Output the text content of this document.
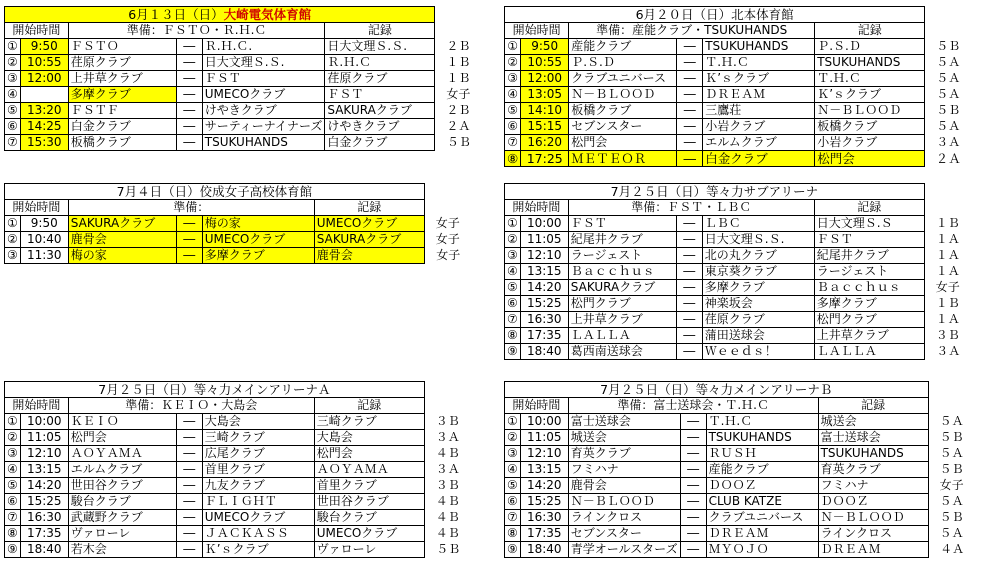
6月１３日（日）大崎電気体育館						
開始時間		準備：ＦＳＴＯ・Ｒ.Ｈ.Ｃ			記録	
①	9:50	ＦＳＴＯ	―	Ｒ.Ｈ.Ｃ.	日大文理Ｓ.Ｓ.	２Ｂ
②	10:55	荏原クラブ	―	日大文理Ｓ.Ｓ.	Ｒ.Ｈ.Ｃ	１Ｂ
③	12:00	上井草クラブ	―	ＦＳＴ	荏原クラブ	１Ｂ
④		多摩クラブ	―	UMECOクラブ	ＦＳＴ	女子
⑤	13:20	ＦＳＴＦ	―	けやきクラブ	SAKURAクラブ	２Ｂ
⑥	14:25	白金クラブ	―	サーティーナイナーズ	けやきクラブ	２Ａ
⑦	15:30	板橋クラブ	―	TSUKUHANDS	白金クラブ	５Ｂ
6月２０日（日）北本体育館						
開始時間		準備：産能クラブ・TSUKUHANDS			記録	
①	9:50	産能クラブ	―	TSUKUHANDS	Ｐ.Ｓ.Ｄ	５Ｂ
②	10:55	Ｐ.Ｓ.Ｄ	―	Ｔ.Ｈ.Ｃ	TSUKUHANDS	５Ａ
③	12:00	クラブユニバース	―	Ｋ’ｓクラブ	Ｔ.Ｈ.Ｃ	５Ａ
④	13:05	Ｎ－ＢＬＯＯＤ	―	ＤＲＥＡＭ	Ｋ’ｓクラブ	５Ａ
⑤	14:10	板橋クラブ	―	三鷹荘	Ｎ－ＢＬＯＯＤ	５Ｂ
⑥	15:15	セブンスター	―	小岩クラブ	板橋クラブ	５Ａ
⑦	16:20	松門会	―	エルムクラブ	小岩クラブ	３Ａ
⑧	17:25	ＭＥＴＥＯＲ	―	白金クラブ	松門会	２Ａ
7月４日（日）佼成女子高校体育館						
開始時間		準備：			記録	
①	9:50	SAKURAクラブ	―	梅の家	UMECOクラブ	女子
②	10:40	鹿骨会	―	UMECOクラブ	SAKURAクラブ	女子
③	11:30	梅の家	―	多摩クラブ	鹿骨会	女子
7月２５日（日）等々力サブアリーナ						
開始時間		準備：ＦＳＴ・ＬＢＣ			記録	
①	10:00	ＦＳＴ	―	ＬＢＣ	日大文理Ｓ.Ｓ	１Ｂ
②	11:05	紀尾井クラブ	―	日大文理Ｓ.Ｓ.	ＦＳＴ	１Ａ
③	12:10	ラージェスト	―	北の丸クラブ	紀尾井クラブ	１Ａ
④	13:15	Ｂａｃｃｈｕｓ	―	東京葵クラブ	ラージェスト	１Ａ
⑤	14:20	SAKURAクラブ	―	多摩クラブ	Ｂａｃｃｈｕｓ	女子
⑥	15:25	松門クラブ	―	神楽坂会	多摩クラブ	１Ｂ
⑦	16:30	上井草クラブ	―	荏原クラブ	松門クラブ	１Ａ
⑧	17:35	ＬＡＬＬＡ	―	蒲田送球会	上井草クラブ	３Ｂ
⑨	18:40	葛西南送球会	―	Ｗｅｅｄｓ！	ＬＡＬＬＡ	３Ａ
7月２５日（日）等々力メインアリーナＡ						
開始時間		準備：ＫＥＩＯ・大島会			記録	
①	10:00	ＫＥＩＯ	―	大島会	三崎クラブ	３Ｂ
②	11:05	松門会	―	三崎クラブ	大島会	３Ａ
③	12:10	ＡＯＹＡＭＡ	―	広尾クラブ	松門会	４Ｂ
④	13:15	エルムクラブ	―	首里クラブ	ＡＯＹＡＭＡ	３Ａ
⑤	14:20	世田谷クラブ	―	九友クラブ	首里クラブ	３Ｂ
⑥	15:25	駿台クラブ	―	ＦＬＩＧＨＴ	世田谷クラブ	４Ｂ
⑦	16:30	武蔵野クラブ	―	UMECOクラブ	駿台クラブ	４Ｂ
⑧	17:35	ヴァローレ	―	ＪＡＣＫＡＳＳ	UMECOクラブ	４Ｂ
⑨	18:40	若木会	―	Ｋ’ｓクラブ	ヴァローレ	５Ｂ
7月２５日（日）等々力メインアリーナＢ						
開始時間		準備：富士送球会・Ｔ.Ｈ.Ｃ			記録	
①	10:00	富士送球会	―	Ｔ.Ｈ.Ｃ	城送会	５Ａ
②	11:05	城送会	―	TSUKUHANDS	富士送球会	５Ｂ
③	12:10	育英クラブ	―	ＲＵＳＨ	TSUKUHANDS	５Ａ
④	13:15	フミハナ	―	産能クラブ	育英クラブ	５Ｂ
⑤	14:20	鹿骨会	―	ＤＯＯＺ	フミハナ	女子
⑥	15:25	Ｎ－ＢＬＯＯＤ	―	CLUB KATZE	ＤＯＯＺ	５Ａ
⑦	16:30	ラインクロス	―	クラブユニバース	Ｎ－ＢＬＯＯＤ	５Ｂ
⑧	17:35	セブンスター	―	ＤＲＥＡＭ	ラインクロス	５Ａ
⑨	18:40	青学オールスターズ	―	ＭＹＯＪＯ	ＤＲＥＡＭ	４Ａ
